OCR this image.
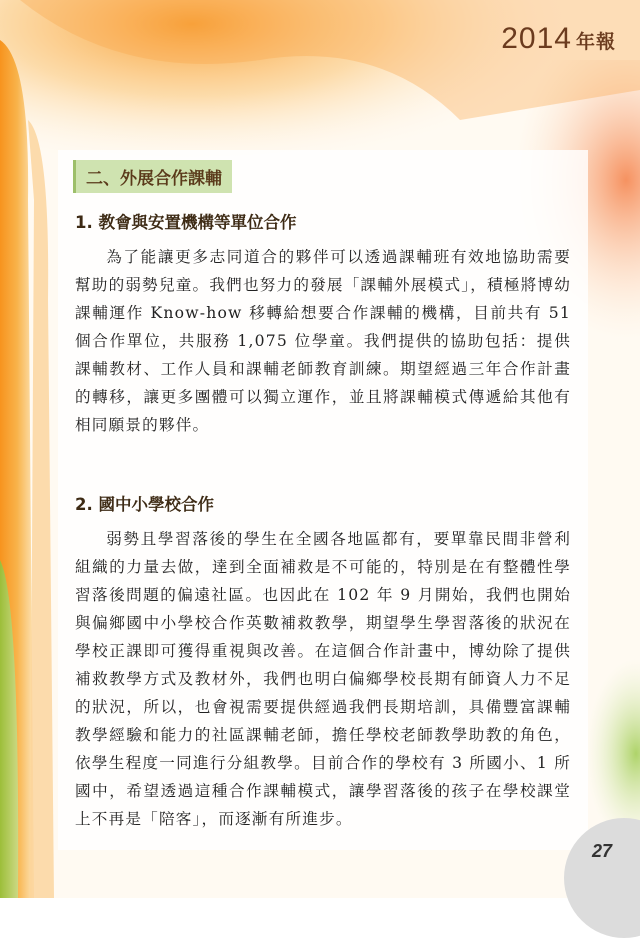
2014 年報
二、外展合作課輔
1. 教會與安置機構等單位合作

為了能讓更多志同道合的夥伴可以透過課輔班有效地協助需要幫助的弱勢兒童。我們也努力的發展「課輔外展模式」，積極將博幼課輔運作 Know-how 移轉給想要合作課輔的機構，目前共有 51 個合作單位，共服務 1,075 位學童。我們提供的協助包括：提供課輔教材、工作人員和課輔老師教育訓練。期望經過三年合作計畫的轉移，讓更多團體可以獨立運作，並且將課輔模式傳遞給其他有相同願景的夥伴。

2. 國中小學校合作

弱勢且學習落後的學生在全國各地區都有，要單靠民間非營利組織的力量去做，達到全面補救是不可能的，特別是在有整體性學習落後問題的偏遠社區。也因此在 102 年 9 月開始，我們也開始與偏鄉國中小學校合作英數補救教學，期望學生學習落後的狀況在學校正課即可獲得重視與改善。在這個合作計畫中，博幼除了提供補救教學方式及教材外，我們也明白偏鄉學校長期有師資人力不足的狀況，所以，也會視需要提供經過我們長期培訓，具備豐富課輔教學經驗和能力的社區課輔老師，擔任學校老師教學助教的角色，依學生程度一同進行分組教學。目前合作的學校有 3 所國小、1 所國中，希望透過這種合作課輔模式，讓學習落後的孩子在學校課堂上不再是「陪客」，而逐漸有所進步。

27
